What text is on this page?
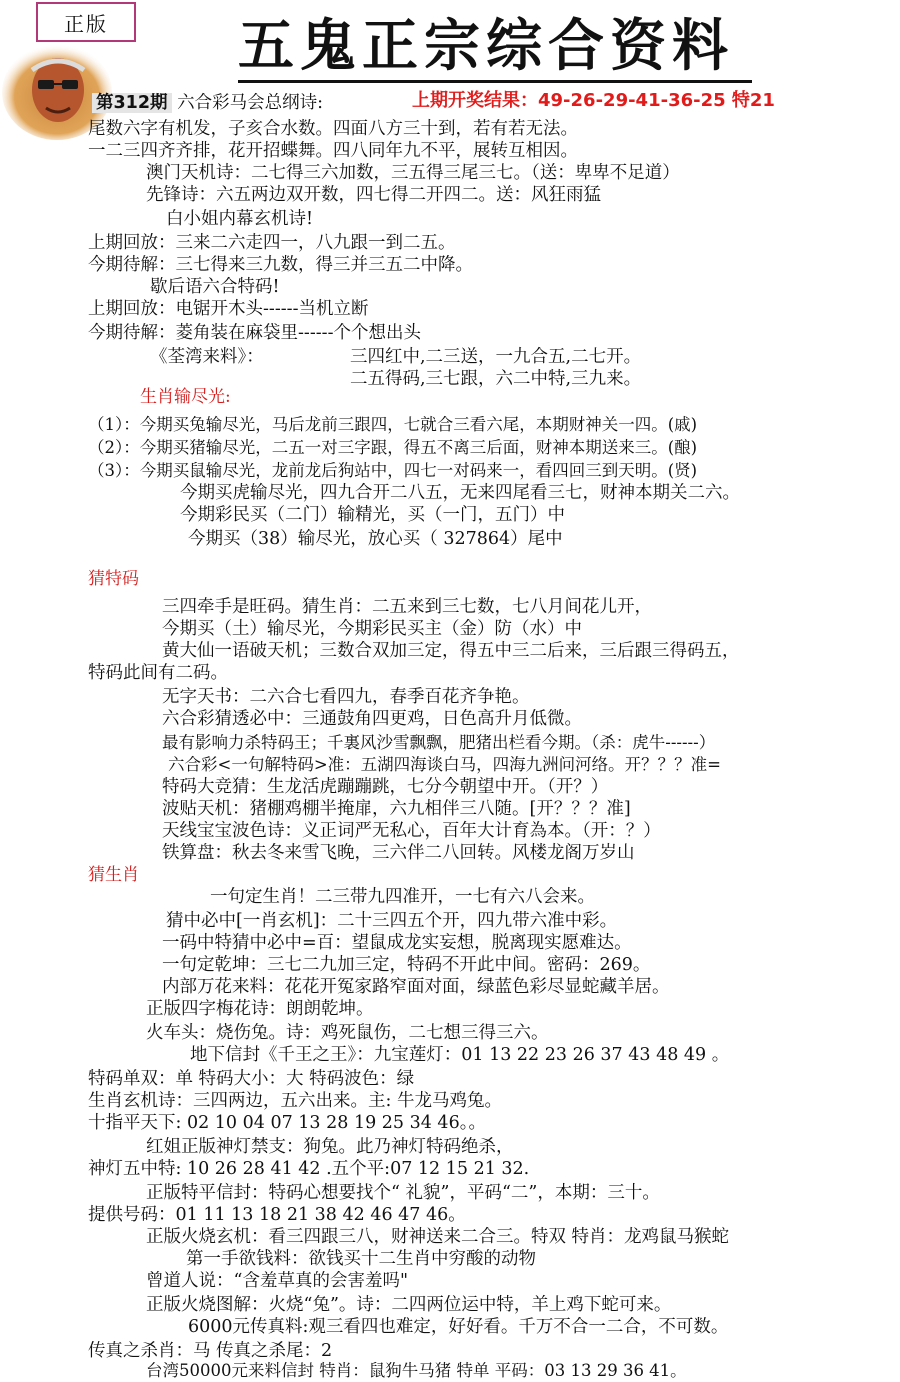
正版	五鬼正宗综合资料
第312期 六合彩马会总纲诗:	上期开奖结果：49-26-29-41-36-25 特21
尾数六字有机发，子亥合水数。四面八方三十到，若有若无法。
一二三四齐齐排，花开招蝶舞。四八同年九不平，展转互相因。
澳门天机诗：二七得三六加数，三五得三尾三七。（送：卑卑不足道）
先锋诗：六五两边双开数，四七得二开四二。送：风狂雨猛
白小姐内幕玄机诗!
上期回放：三来二六走四一，八九跟一到二五。
今期待解：三七得来三九数，得三并三五二中降。
歇后语六合特码!
上期回放：电锯开木头------当机立断
今期待解：菱角装在麻袋里------个个想出头
《荃湾来料》：	三四红中,二三送，一九合五,二七开。
二五得码,三七跟，六二中特,三九来。
生肖输尽光:
（1）：今期买兔输尽光，马后龙前三跟四，七就合三看六尾，本期财神关一四。(戚)
（2）：今期买猪输尽光，二五一对三字跟，得五不离三后面，财神本期送来三。(酿)
（3）：今期买鼠输尽光，龙前龙后狗站中，四七一对码来一，看四回三到天明。(贤)
今期买虎输尽光，四九合开二八五，无来四尾看三七，财神本期关二六。
今期彩民买（二门）输精光，买（一门，五门）中
今期买（38）输尽光，放心买（ 327864）尾中
猜特码
三四牵手是旺码。猜生肖：二五来到三七数，七八月间花儿开，
今期买（土）输尽光，今期彩民买主（金）防（水）中
黄大仙一语破天机；三数合双加三定，得五中三二后来，三后跟三得码五，
特码此间有二码。
无字天书：二六合七看四九，春季百花齐争艳。
六合彩猜透必中：三通鼓角四更鸡，日色高升月低微。
最有影响力杀特码王；千裏风沙雪飘飘，肥猪出栏看今期。（杀：虎牛------）
六合彩<一句解特码>准：五湖四海谈白马，四海九洲问河络。开？？？准=
特码大竞猜：生龙活虎蹦蹦跳，七分今朝望中开。（开？）
波贴天机：猪棚鸡棚半掩扉，六九相伴三八随。[开？？？准]
天线宝宝波色诗：义正词严无私心，百年大计育為本。（开：？）
铁算盘：秋去冬来雪飞晚，三六伴二八回转。风楼龙阁万岁山
猜生肖
一句定生肖！二三带九四准开，一七有六八会来。
猜中必中[一肖玄机]：二十三四五个开，四九带六准中彩。
一码中特猜中必中=百：望鼠成龙实妄想，脱离现实愿难达。
一句定乾坤：三七二九加三定，特码不开此中间。密码：269。
内部万花来料：花花开冤家路窄面对面，绿蓝色彩尽显蛇藏羊居。
正版四字梅花诗：朗朗乾坤。
火车头：烧伤兔。诗：鸡死鼠伤，二七想三得三六。
地下信封《千王之王》：九宝莲灯：01 13 22 23 26 37 43 48 49 。
特码单双：单 特码大小：大 特码波色：绿
生肖玄机诗：三四两边，五六出来。主: 牛龙马鸡兔。
十指平天下: 02 10 04 07 13 28 19 25 34 46。。
红姐正版神灯禁支：狗兔。此乃神灯特码绝杀，
神灯五中特: 10 26 28 41 42 .五个平:07 12 15 21 32.
正版特平信封：特码心想要找个“ 礼貌”，平码“二”，本期：三十。
提供号码：01 11 13 18 21 38 42 46 47 46。
正版火烧玄机：看三四跟三八，财神送来二合三。特双 特肖：龙鸡鼠马猴蛇
第一手欲钱料：欲钱买十二生肖中穷酸的动物
曾道人说：“含羞草真的会害羞吗"
正版火烧图解：火烧“兔”。诗：二四两位运中特，羊上鸡下蛇可来。
6000元传真料:观三看四也难定，好好看。千万不合一二合，不可数。
传真之杀肖：马 传真之杀尾：2
台湾50000元来料信封 特肖：鼠狗牛马猪 特单 平码：03 13 29 36 41。
